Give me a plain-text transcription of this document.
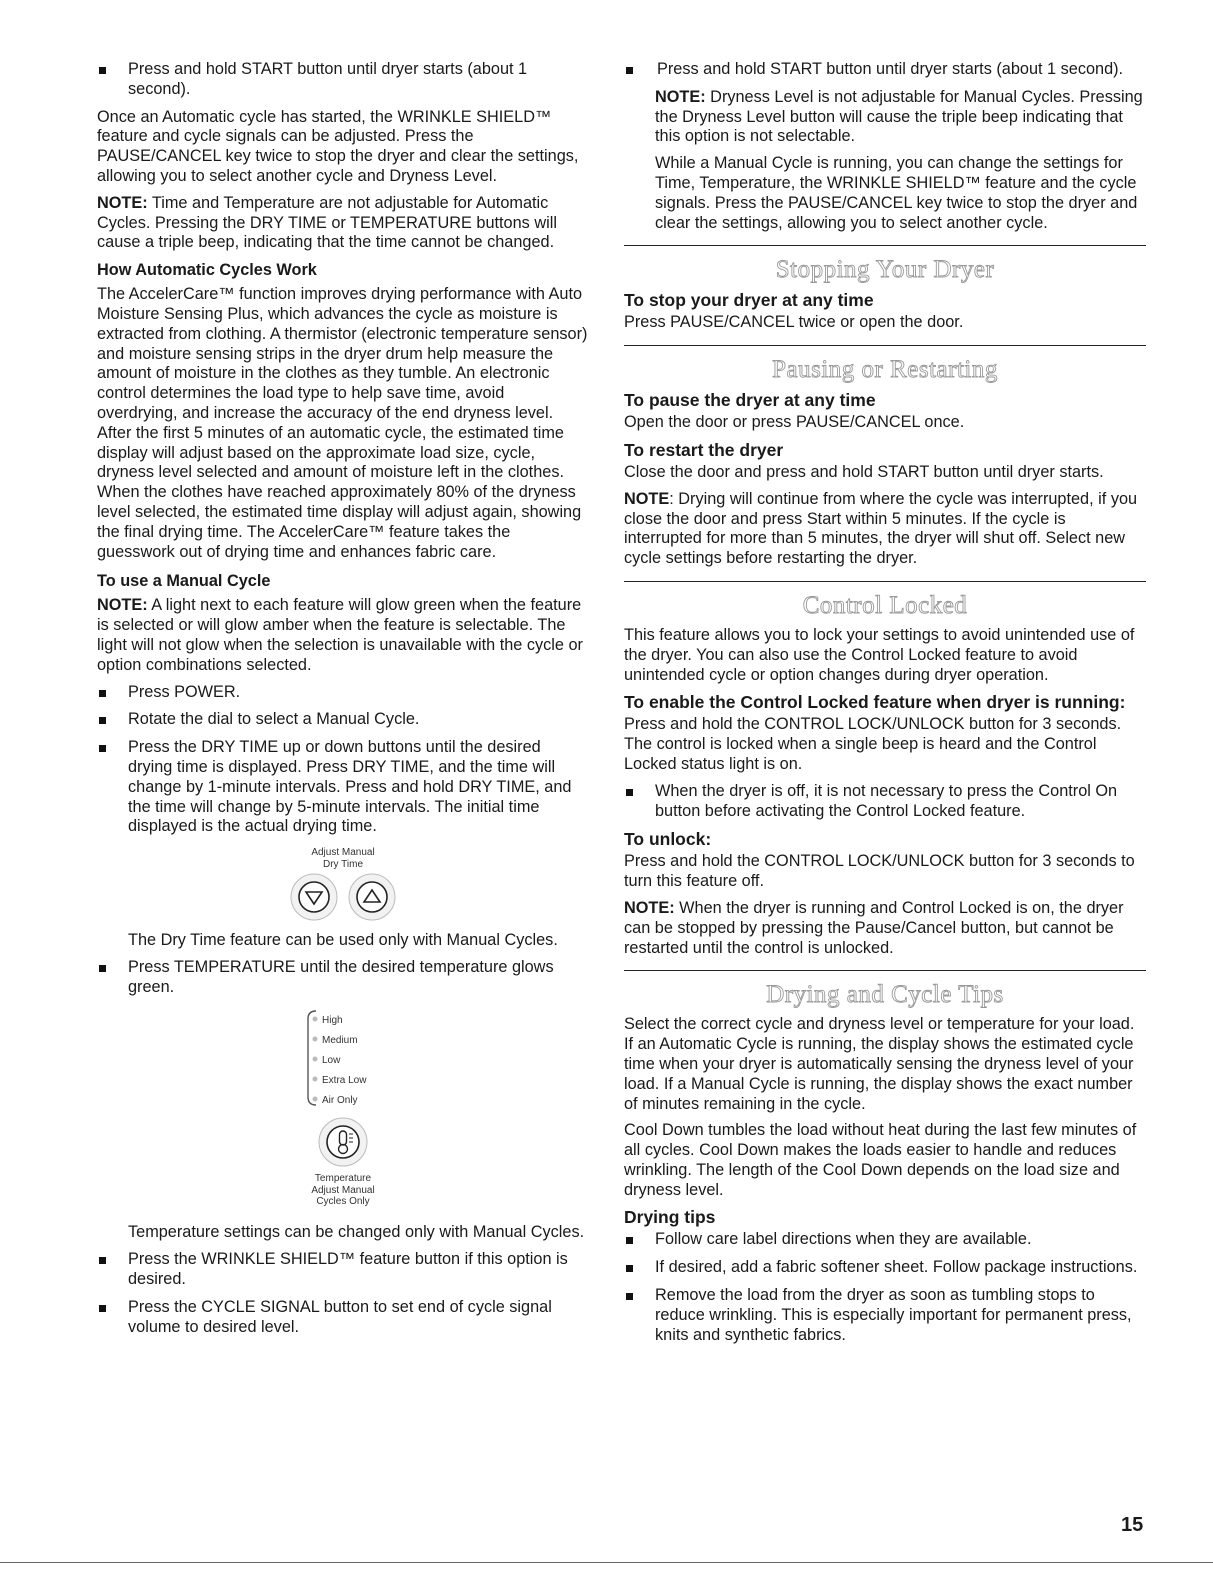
Press and hold START button until dryer starts (about 1 second).

Once an Automatic cycle has started, the WRINKLE SHIELD™ feature and cycle signals can be adjusted. Press the PAUSE/CANCEL key twice to stop the dryer and clear the settings, allowing you to select another cycle and Dryness Level.

NOTE: Time and Temperature are not adjustable for Automatic Cycles. Pressing the DRY TIME or TEMPERATURE buttons will cause a triple beep, indicating that the time cannot be changed.

How Automatic Cycles Work

The AccelerCare™ function improves drying performance with Auto Moisture Sensing Plus, which advances the cycle as moisture is extracted from clothing. A thermistor (electronic temperature sensor) and moisture sensing strips in the dryer drum help measure the amount of moisture in the clothes as they tumble. An electronic control determines the load type to help save time, avoid overdrying, and increase the accuracy of the end dryness level. After the first 5 minutes of an automatic cycle, the estimated time display will adjust based on the approximate load size, cycle, dryness level selected and amount of moisture left in the clothes. When the clothes have reached approximately 80% of the dryness level selected, the estimated time display will adjust again, showing the final drying time. The AccelerCare™ feature takes the guesswork out of drying time and enhances fabric care.

To use a Manual Cycle

NOTE: A light next to each feature will glow green when the feature is selected or will glow amber when the feature is selectable. The light will not glow when the selection is unavailable with the cycle or option combinations selected.

Press POWER.
Rotate the dial to select a Manual Cycle.
Press the DRY TIME up or down buttons until the desired drying time is displayed. Press DRY TIME, and the time will change by 1-minute intervals. Press and hold DRY TIME, and the time will change by 5-minute intervals. The initial time displayed is the actual drying time.
Adjust Manual
Dry Time

The Dry Time feature can be used only with Manual Cycles.

Press TEMPERATURE until the desired temperature glows green.
High
Medium
Low
Extra Low
Air Only
Temperature
Adjust Manual
Cycles Only

Temperature settings can be changed only with Manual Cycles.

Press the WRINKLE SHIELD™ feature button if this option is desired.
Press the CYCLE SIGNAL button to set end of cycle signal volume to desired level.
Press and hold START button until dryer starts (about 1 second).

NOTE: Dryness Level is not adjustable for Manual Cycles. Pressing the Dryness Level button will cause the triple beep indicating that this option is not selectable.

While a Manual Cycle is running, you can change the settings for Time, Temperature, the WRINKLE SHIELD™ feature and the cycle signals. Press the PAUSE/CANCEL key twice to stop the dryer and clear the settings, allowing you to select another cycle.

Stopping Your Dryer
To stop your dryer at any time

Press PAUSE/CANCEL twice or open the door.

Pausing or Restarting
To pause the dryer at any time

Open the door or press PAUSE/CANCEL once.

To restart the dryer

Close the door and press and hold START button until dryer starts.

NOTE: Drying will continue from where the cycle was interrupted, if you close the door and press Start within 5 minutes. If the cycle is interrupted for more than 5 minutes, the dryer will shut off. Select new cycle settings before restarting the dryer.

Control Locked

This feature allows you to lock your settings to avoid unintended use of the dryer. You can also use the Control Locked feature to avoid unintended cycle or option changes during dryer operation.

To enable the Control Locked feature when dryer is running:

Press and hold the CONTROL LOCK/UNLOCK button for 3 seconds. The control is locked when a single beep is heard and the Control Locked status light is on.

When the dryer is off, it is not necessary to press the Control On button before activating the Control Locked feature.
To unlock:

Press and hold the CONTROL LOCK/UNLOCK button for 3 seconds to turn this feature off.

NOTE: When the dryer is running and Control Locked is on, the dryer can be stopped by pressing the Pause/Cancel button, but cannot be restarted until the control is unlocked.

Drying and Cycle Tips

Select the correct cycle and dryness level or temperature for your load. If an Automatic Cycle is running, the display shows the estimated cycle time when your dryer is automatically sensing the dryness level of your load. If a Manual Cycle is running, the display shows the exact number of minutes remaining in the cycle.

Cool Down tumbles the load without heat during the last few minutes of all cycles. Cool Down makes the loads easier to handle and reduces wrinkling. The length of the Cool Down depends on the load size and dryness level.

Drying tips
Follow care label directions when they are available.
If desired, add a fabric softener sheet. Follow package instructions.
Remove the load from the dryer as soon as tumbling stops to reduce wrinkling. This is especially important for permanent press, knits and synthetic fabrics.
15
